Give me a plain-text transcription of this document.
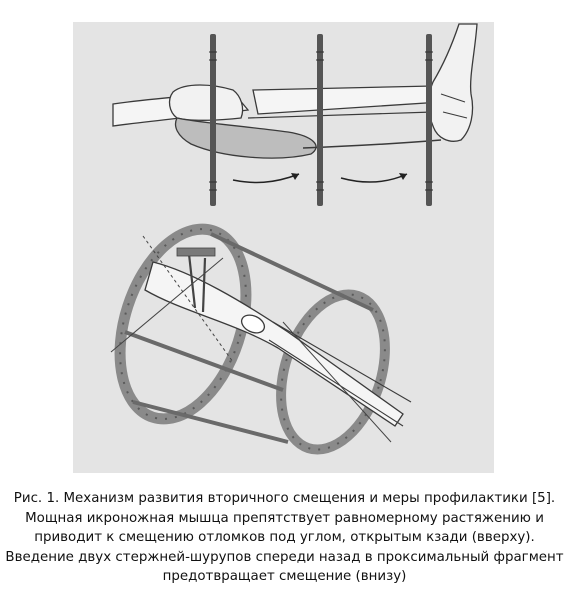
Рис. 1. Механизм развития вторичного смещения и меры профилактики [5].
Мощная икроножная мышца препятствует равномерному растяжению и
приводит к смещению отломков под углом, открытым кзади (вверху).
Введение двух стержней-шурупов спереди назад в проксимальный фрагмент
предотвращает смещение (внизу)
